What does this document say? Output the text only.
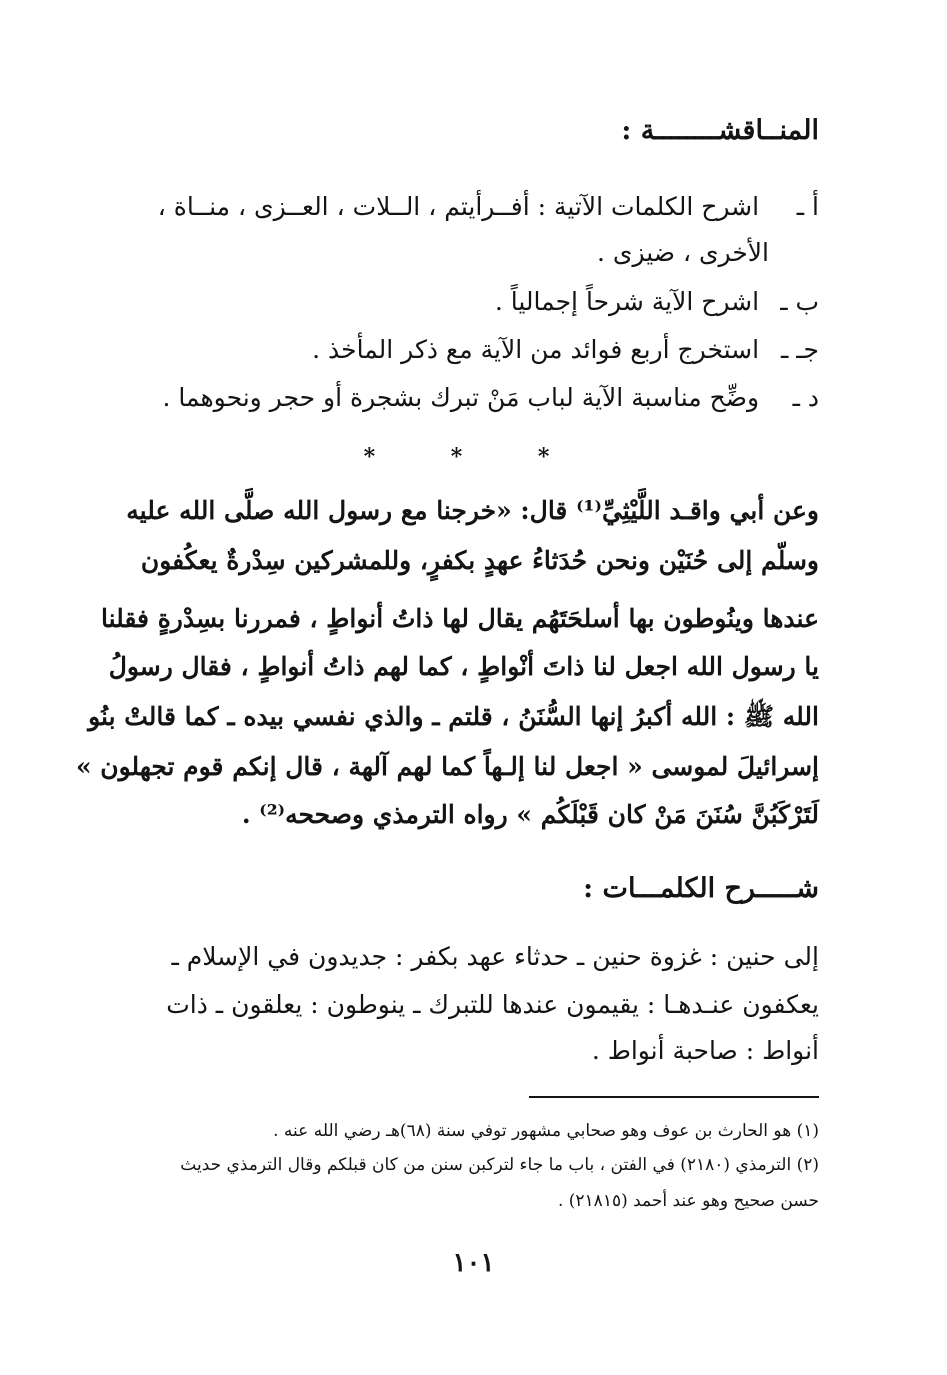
المنــاقشــــــــة :
أ ـ اشرح الكلمات الآتية : أفــرأيتم ، الــلات ، العــزى ، منــاة ،
الأخرى ، ضيزى .
ب ـ اشرح الآية شرحاً إجمالياً .
جـ ـ استخرج أربع فوائد من الآية مع ذكر المأخذ .
د ـ وضِّح مناسبة الآية لباب مَنْ تبرك بشجرة أو حجر ونحوهما .
* * *
وعن أبي واقـد اللَّيْثِيِّ⁽¹⁾ قال: «خرجنا مع رسول الله صلَّى الله عليه
وسلّم إلى حُنَيْن ونحن حُدَثاءُ عهدٍ بكفرٍ، وللمشركين سِدْرةٌ يعكُفون
عندها وينُوطون بها أسلحَتَهُم يقال لها ذاتُ أنواطٍ ، فمررنا بسِدْرةٍ فقلنا
يا رسول الله اجعل لنا ذاتَ أنْواطٍ ، كما لهم ذاتُ أنواطٍ ، فقال رسولُ
الله ﷺ : الله أكبرُ إنها السُّنَنُ ، قلتم ـ والذي نفسي بيده ـ كما قالتْ بنُو
إسرائيلَ لموسى « اجعل لنا إلـهاً كما لهم آلهة ، قال إنكم قوم تجهلون »
لَتَرْكَبُنَّ سُنَنَ مَنْ كان قَبْلَكُم » رواه الترمذي وصححه⁽²⁾ .
شـــــرح الكلمـــات :
إلى حنين : غزوة حنين ـ حدثاء عهد بكفر : جديدون في الإسلام ـ
يعكفون عنـدهـا : يقيمون عندها للتبرك ـ ينوطون : يعلقون ـ ذات
أنواط : صاحبة أنواط .
(١) هو الحارث بن عوف وهو صحابي مشهور توفي سنة (٦٨)هـ رضي الله عنه .
(٢) الترمذي (٢١٨٠) في الفتن ، باب ما جاء لتركبن سنن من كان قبلكم وقال الترمذي حديث
حسن صحيح وهو عند أحمد (٢١٨١٥) .
١٠١
